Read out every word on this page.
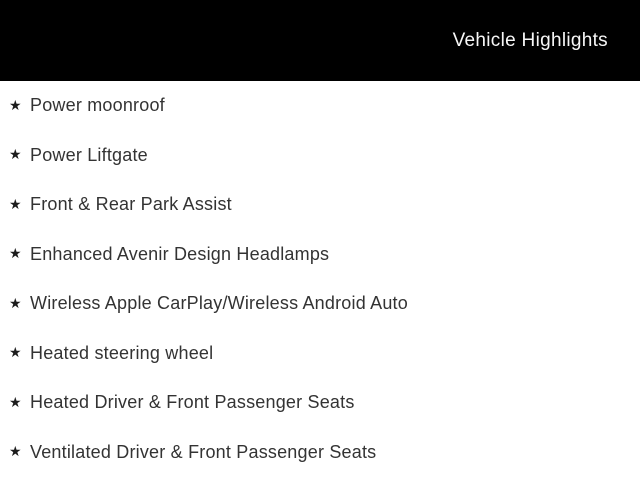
Vehicle Highlights
★ Power moonroof
★ Power Liftgate
★ Front & Rear Park Assist
★ Enhanced Avenir Design Headlamps
★ Wireless Apple CarPlay/Wireless Android Auto
★ Heated steering wheel
★ Heated Driver & Front Passenger Seats
★ Ventilated Driver & Front Passenger Seats
